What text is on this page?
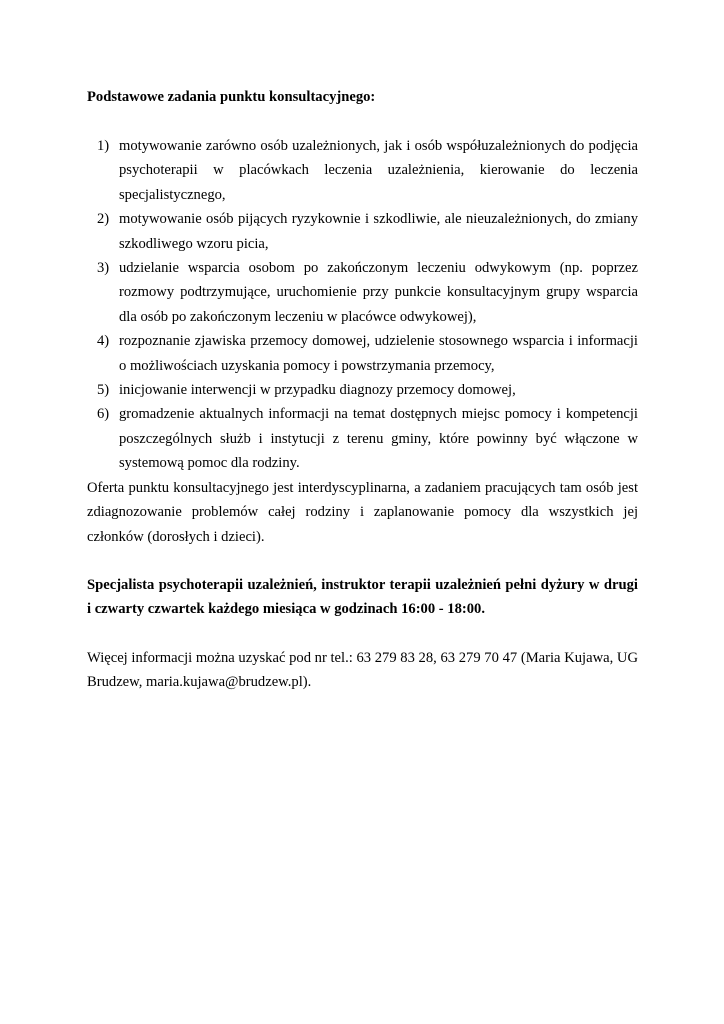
Podstawowe zadania punktu konsultacyjnego:

1) motywowanie zarówno osób uzależnionych, jak i osób współuzależnionych do podjęcia psychoterapii w placówkach leczenia uzależnienia, kierowanie do leczenia specjalistycznego,
2) motywowanie osób pijących ryzykownie i szkodliwie, ale nieuzależnionych, do zmiany szkodliwego wzoru picia,
3) udzielanie wsparcia osobom po zakończonym leczeniu odwykowym (np. poprzez rozmowy podtrzymujące, uruchomienie przy punkcie konsultacyjnym grupy wsparcia dla osób po zakończonym leczeniu w placówce odwykowej),
4) rozpoznanie zjawiska przemocy domowej, udzielenie stosownego wsparcia i informacji o możliwościach uzyskania pomocy i powstrzymania przemocy,
5) inicjowanie interwencji w przypadku diagnozy przemocy domowej,
6) gromadzenie aktualnych informacji na temat dostępnych miejsc pomocy i kompetencji poszczególnych służb i instytucji z terenu gminy, które powinny być włączone w systemową pomoc dla rodziny.

Oferta punktu konsultacyjnego jest interdyscyplinarna, a zadaniem pracujących tam osób jest zdiagnozowanie problemów całej rodziny i zaplanowanie pomocy dla wszystkich jej członków (dorosłych i dzieci).

Specjalista psychoterapii uzależnień, instruktor terapii uzależnień pełni dyżury w drugi i czwarty czwartek każdego miesiąca w godzinach 16:00 - 18:00.

Więcej informacji można uzyskać pod nr tel.: 63 279 83 28, 63 279 70 47 (Maria Kujawa, UG Brudzew, maria.kujawa@brudzew.pl).
